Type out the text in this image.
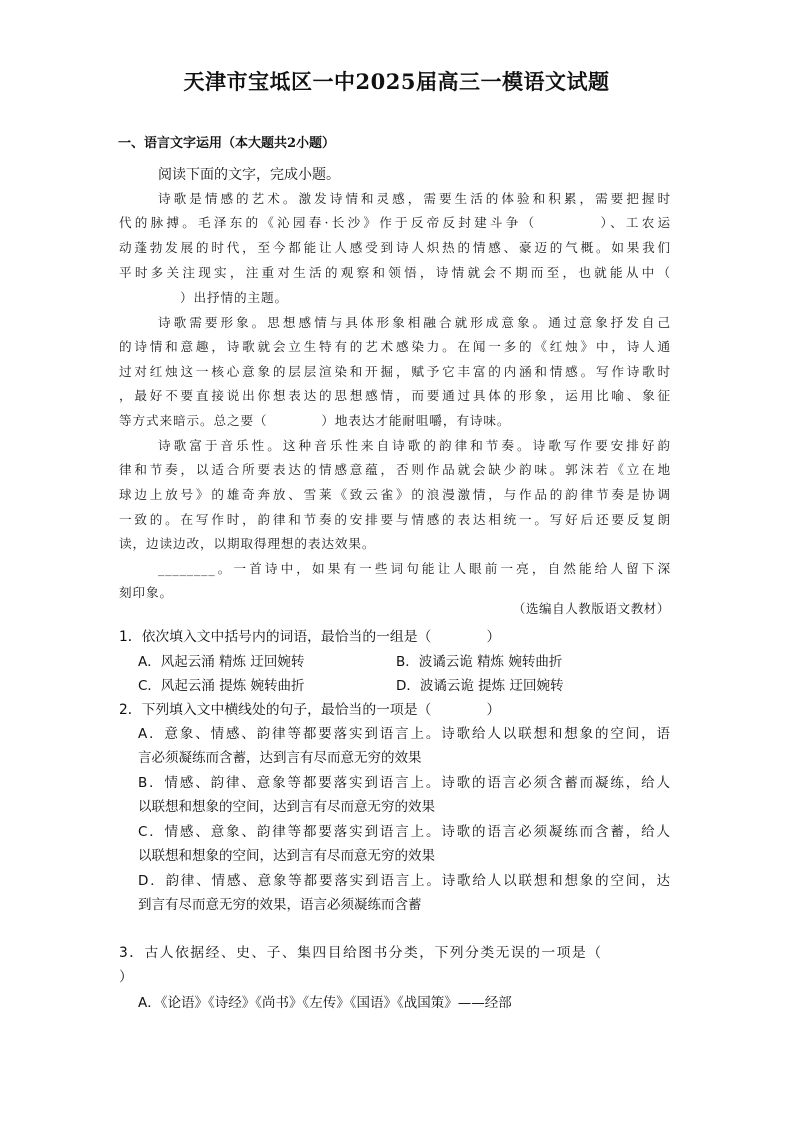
天津市宝坻区一中2025届高三一模语文试题
一、语言文字运用（本大题共2小题）
阅读下面的文字，完成小题。
诗歌是情感的艺术。激发诗情和灵感，需要生活的体验和积累，需要把握时
代的脉搏。毛泽东的《沁园春·长沙》作于反帝反封建斗争（　　　　）、工农运
动蓬勃发展的时代，至今都能让人感受到诗人炽热的情感、豪迈的气概。如果我们
平时多关注现实，注重对生活的观察和领悟，诗情就会不期而至，也就能从中（
）出抒情的主题。
诗歌需要形象。思想感情与具体形象相融合就形成意象。通过意象抒发自己
的诗情和意趣，诗歌就会立生特有的艺术感染力。在闻一多的《红烛》中，诗人通
过对红烛这一核心意象的层层渲染和开掘，赋予它丰富的内涵和情感。写作诗歌时
，最好不要直接说出你想表达的思想感情，而要通过具体的形象，运用比喻、象征
等方式来暗示。总之要（　　　　）地表达才能耐咀嚼，有诗味。
诗歌富于音乐性。这种音乐性来自诗歌的韵律和节奏。诗歌写作要安排好韵
律和节奏，以适合所要表达的情感意蕴，否则作品就会缺少韵味。郭沫若《立在地
球边上放号》的雄奇奔放、雪莱《致云雀》的浪漫激情，与作品的韵律节奏是协调
一致的。在写作时，韵律和节奏的安排要与情感的表达相统一。写好后还要反复朗
读，边读边改，以期取得理想的表达效果。
________。一首诗中，如果有一些词句能让人眼前一亮，自然能给人留下深
刻印象。
（选编自人教版语文教材）
1．依次填入文中括号内的词语，最恰当的一组是（　　　　）
A．风起云涌 精炼 迂回婉转	B．波谲云诡 精炼 婉转曲折
C．风起云涌 提炼 婉转曲折	D．波谲云诡 提炼 迂回婉转
2．下列填入文中横线处的句子，最恰当的一项是（　　　　）
A．意象、情感、韵律等都要落实到语言上。诗歌给人以联想和想象的空间，语
言必须凝练而含蓄，达到言有尽而意无穷的效果
B．情感、韵律、意象等都要落实到语言上。诗歌的语言必须含蓄而凝练，给人
以联想和想象的空间，达到言有尽而意无穷的效果
C．情感、意象、韵律等都要落实到语言上。诗歌的语言必须凝练而含蓄，给人
以联想和想象的空间，达到言有尽而意无穷的效果
D．韵律、情感、意象等都要落实到语言上。诗歌给人以联想和想象的空间，达
到言有尽而意无穷的效果，语言必须凝练而含蓄
3．古人依据经、史、子、集四目给图书分类，下列分类无误的一项是（
）
A．《论语》《诗经》《尚书》《左传》《国语》《战国策》——经部
